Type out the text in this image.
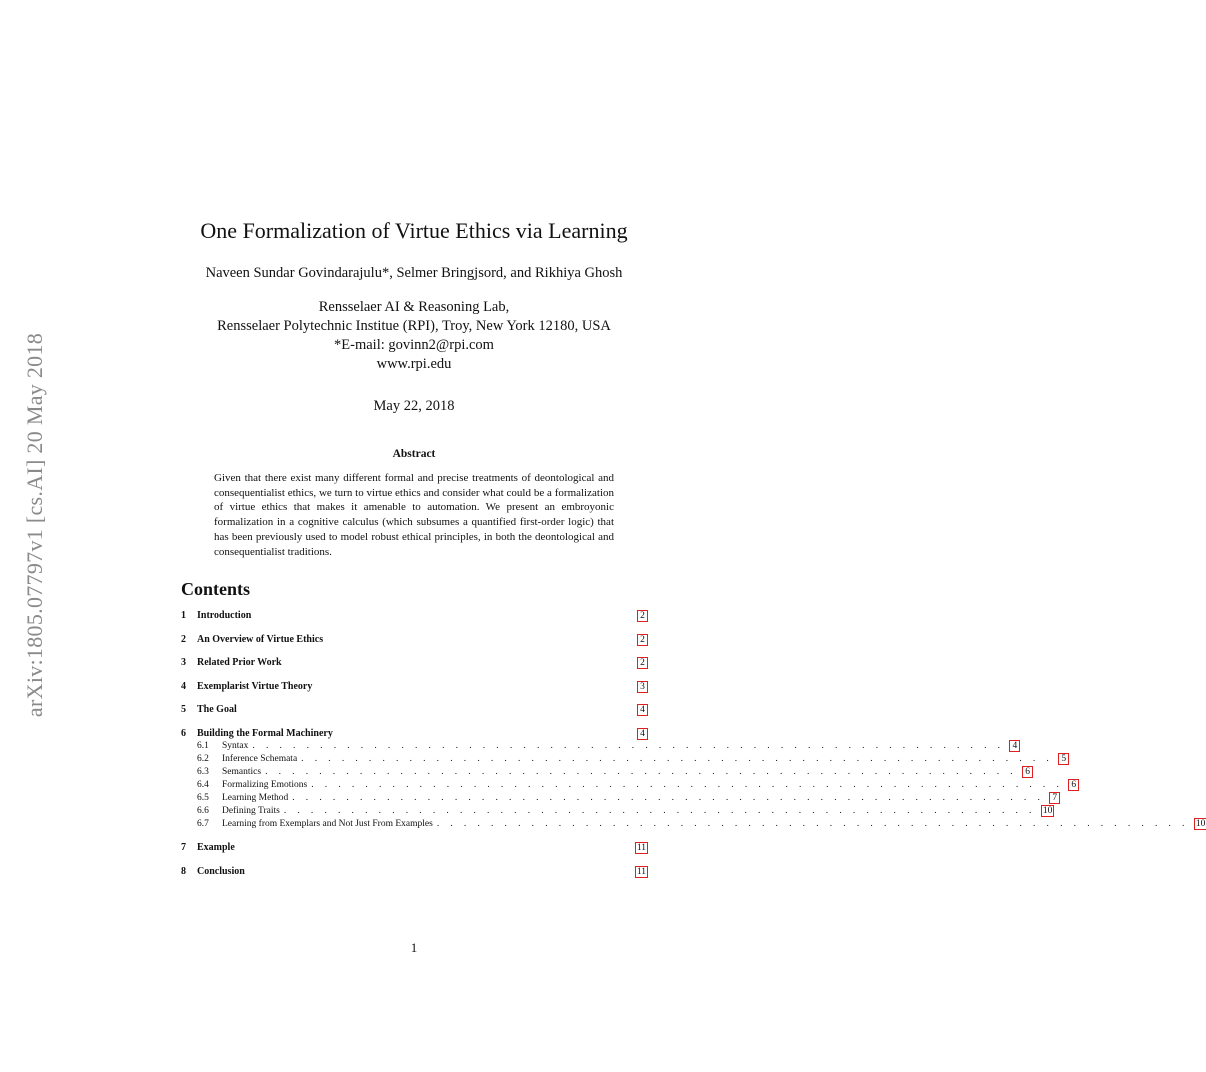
arXiv:1805.07797v1 [cs.AI] 20 May 2018
One Formalization of Virtue Ethics via Learning
Naveen Sundar Govindarajulu*, Selmer Bringjsord, and Rikhiya Ghosh
Rensselaer AI & Reasoning Lab,
Rensselaer Polytechnic Institue (RPI), Troy, New York 12180, USA
*E-mail: govinn2@rpi.com
www.rpi.edu
May 22, 2018
Abstract
Given that there exist many different formal and precise treatments of deontological and consequentialist ethics, we turn to virtue ethics and consider what could be a formalization of virtue ethics that makes it amenable to automation. We present an embroyonic formalization in a cognitive calculus (which subsumes a quantified first-order logic) that has been previously used to model robust ethical principles, in both the deontological and consequentialist traditions.
Contents
1	Introduction	2
2	An Overview of Virtue Ethics	2
3	Related Prior Work	2
4	Exemplarist Virtue Theory	3
5	The Goal	4
6	Building the Formal Machinery	4
6.1	Syntax . . . . . . . . . . . . . . . . . . . . . . . . . . . . . . . . . . . . . . . . . . . . . . . . . . . . . . . . 4
6.2	Inference Schemata . . . . . . . . . . . . . . . . . . . . . . . . . . . . . . . . . . . . . . . . . . . . . . . . . . . . . . . . 5
6.3	Semantics . . . . . . . . . . . . . . . . . . . . . . . . . . . . . . . . . . . . . . . . . . . . . . . . . . . . . . . . 6
6.4	Formalizing Emotions . . . . . . . . . . . . . . . . . . . . . . . . . . . . . . . . . . . . . . . . . . . . . . . . . . . . . . . . 6
6.5	Learning Method . . . . . . . . . . . . . . . . . . . . . . . . . . . . . . . . . . . . . . . . . . . . . . . . . . . . . . . . 7
6.6	Defining Traits . . . . . . . . . . . . . . . . . . . . . . . . . . . . . . . . . . . . . . . . . . . . . . . . . . . . . . . . 10
6.7	Learning from Exemplars and Not Just From Examples . . . . . . . . . . . . . . . . . . . . . . . . . . . . . . . . . . . . . . . . . . . . . . . . . . . . . . . . 10
7	Example	11
8	Conclusion	11
1
